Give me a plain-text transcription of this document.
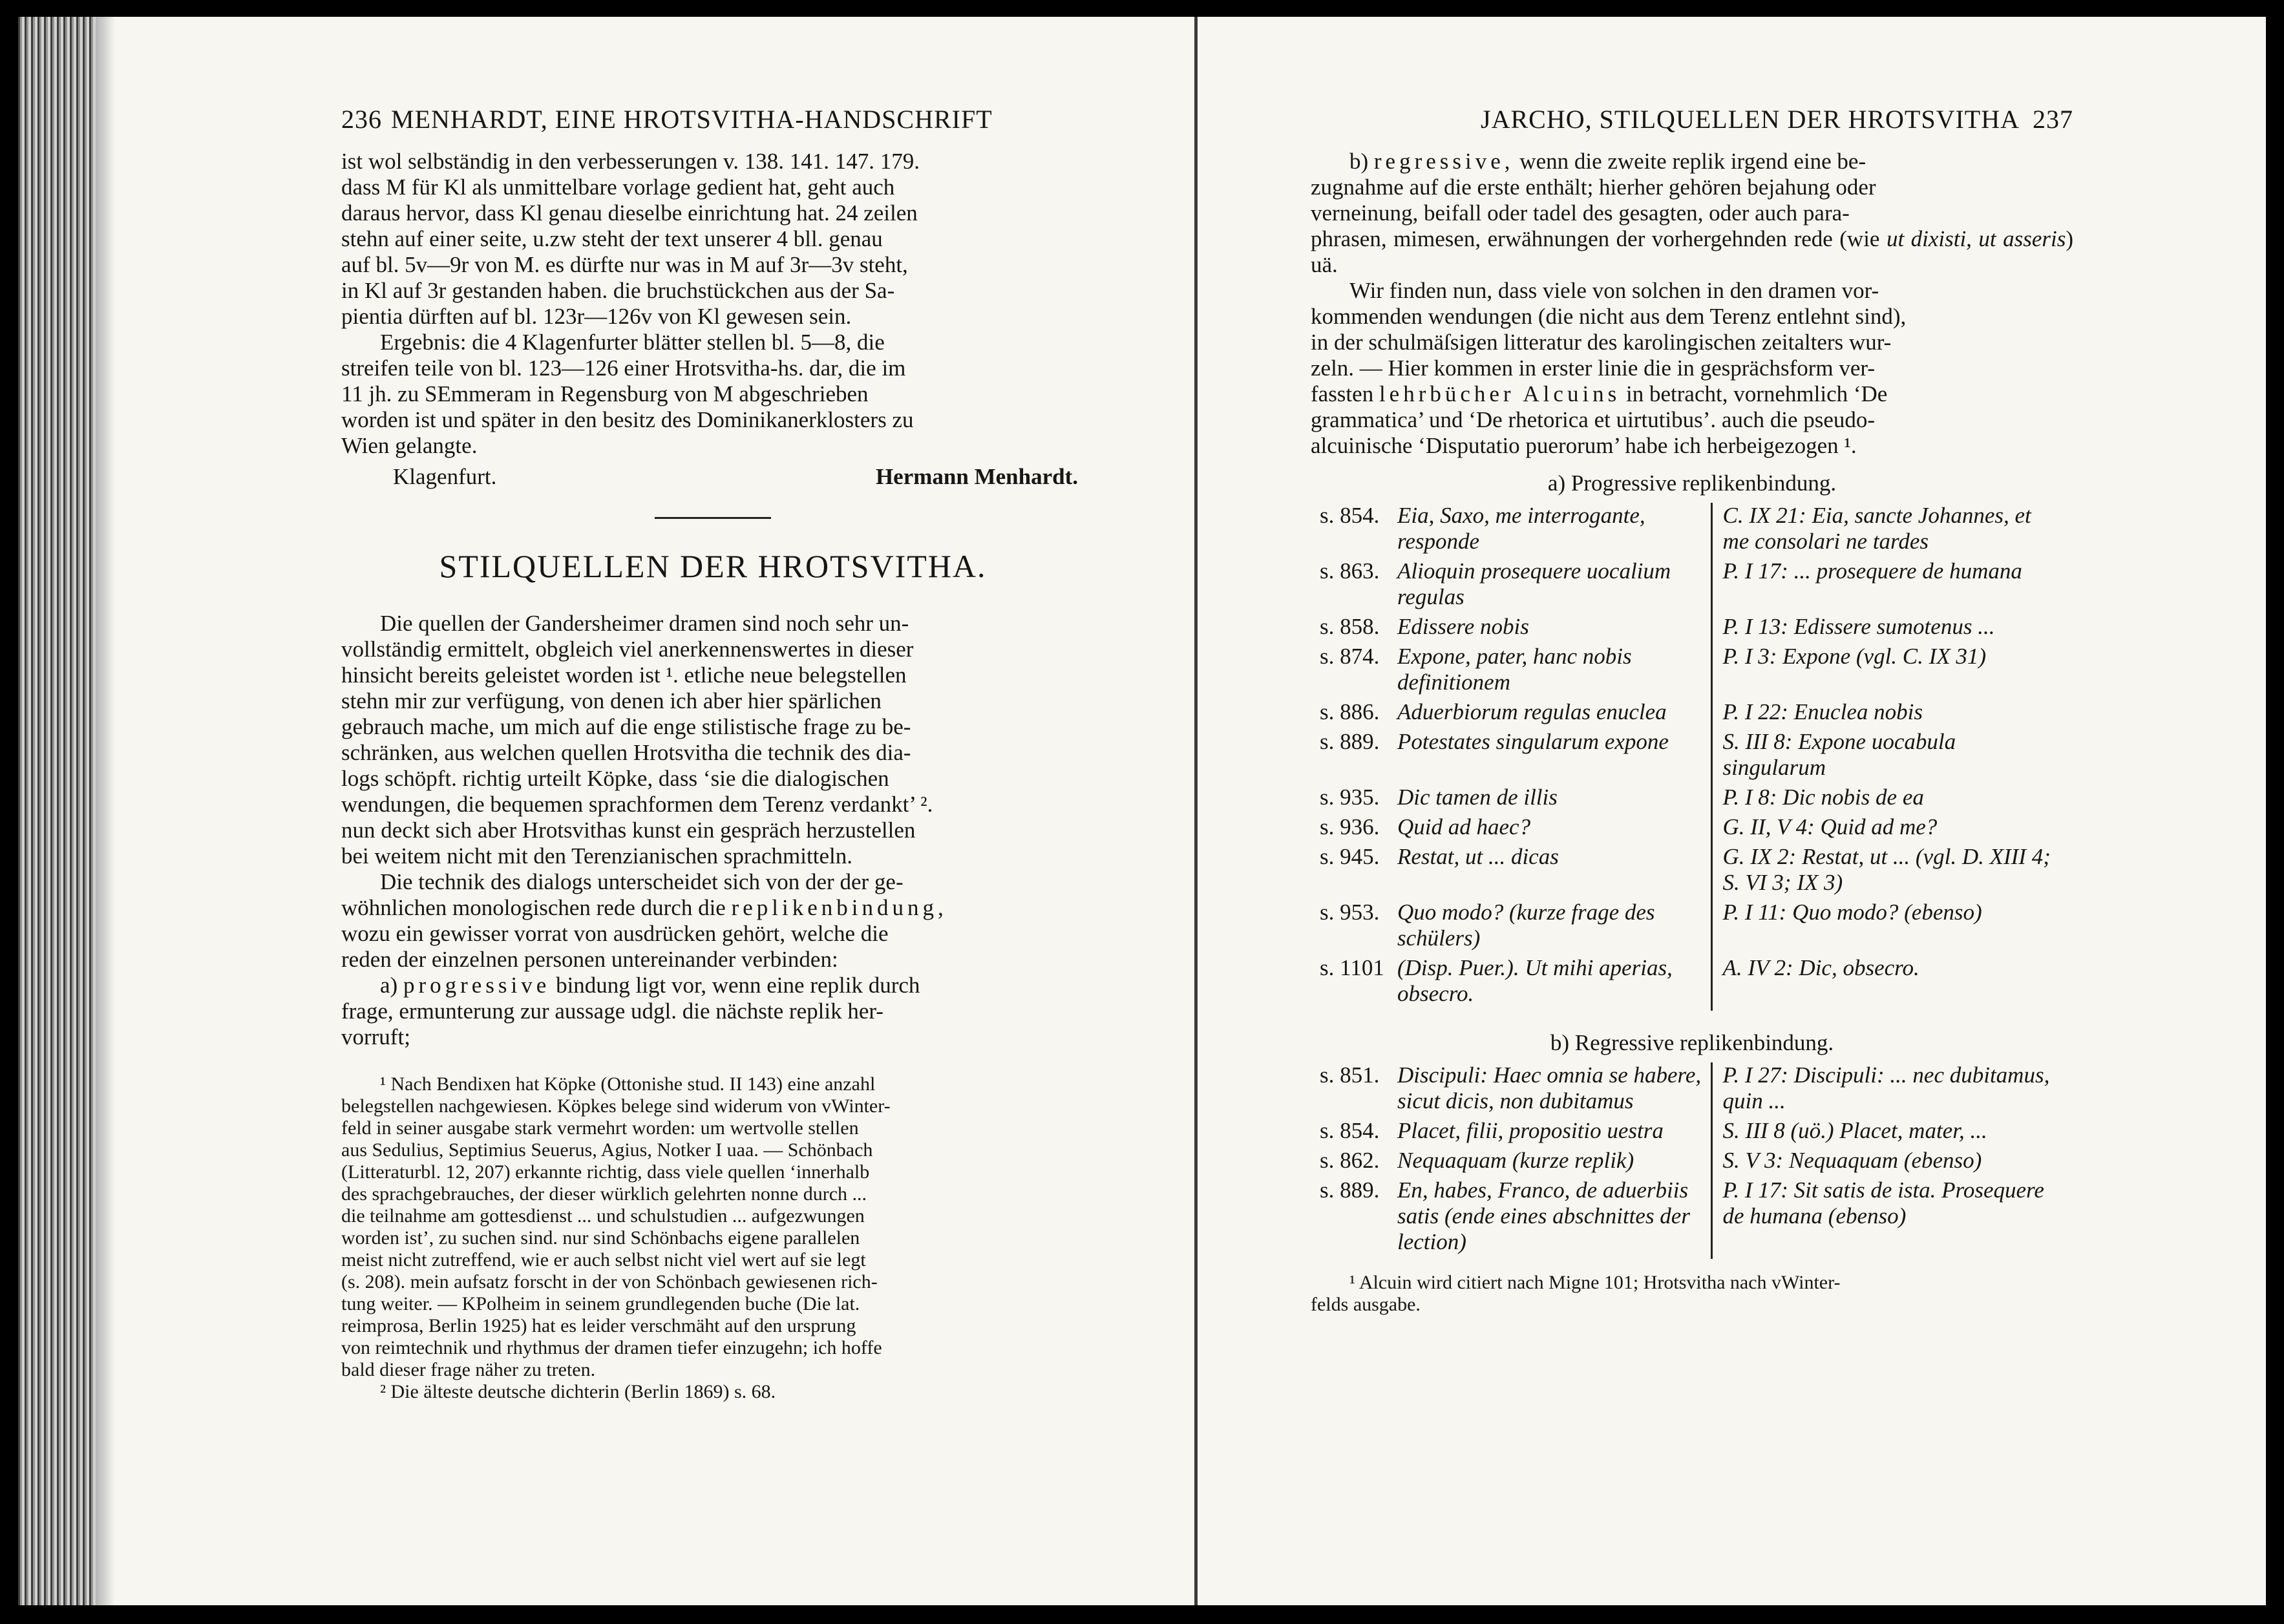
236 MENHARDT, EINE HROTSVITHA-HANDSCHRIFT

ist wol selbständig in den verbesserungen v. 138. 141. 147. 179.

dass M für Kl als unmittelbare vorlage gedient hat, geht auch

daraus hervor, dass Kl genau dieselbe einrichtung hat. 24 zeilen

stehn auf einer seite, u.zw steht der text unserer 4 bll. genau

auf bl. 5v—9r von M. es dürfte nur was in M auf 3r—3v steht,

in Kl auf 3r gestanden haben. die bruchstückchen aus der Sa-

pientia dürften auf bl. 123r—126v von Kl gewesen sein.

Ergebnis: die 4 Klagenfurter blätter stellen bl. 5—8, die

streifen teile von bl. 123—126 einer Hrotsvitha-hs. dar, die im

11 jh. zu SEmmeram in Regensburg von M abgeschrieben

worden ist und später in den besitz des Dominikanerklosters zu

Wien gelangte.

Klagenfurt.	Hermann Menhardt.
STILQUELLEN DER HROTSVITHA.

Die quellen der Gandersheimer dramen sind noch sehr un-

vollständig ermittelt, obgleich viel anerkennenswertes in dieser

hinsicht bereits geleistet worden ist ¹. etliche neue belegstellen

stehn mir zur verfügung, von denen ich aber hier spärlichen

gebrauch mache, um mich auf die enge stilistische frage zu be-

schränken, aus welchen quellen Hrotsvitha die technik des dia-

logs schöpft. richtig urteilt Köpke, dass ‘sie die dialogischen

wendungen, die bequemen sprachformen dem Terenz verdankt’ ².

nun deckt sich aber Hrotsvithas kunst ein gespräch herzustellen

bei weitem nicht mit den Terenzianischen sprachmitteln.

Die technik des dialogs unterscheidet sich von der der ge-

wöhnlichen monologischen rede durch die replikenbindung,

wozu ein gewisser vorrat von ausdrücken gehört, welche die

reden der einzelnen personen untereinander verbinden:

a) progressive bindung ligt vor, wenn eine replik durch

frage, ermunterung zur aussage udgl. die nächste replik her-

vorruft;

¹ Nach Bendixen hat Köpke (Ottonishe stud. II 143) eine anzahl

belegstellen nachgewiesen. Köpkes belege sind widerum von vWinter-
feld in seiner ausgabe stark vermehrt worden: um wertvolle stellen
aus Sedulius, Septimius Seuerus, Agius, Notker I uaa. — Schönbach
(Litteraturbl. 12, 207) erkannte richtig, dass viele quellen ‘innerhalb
des sprachgebrauches, der dieser würklich gelehrten nonne durch ...
die teilnahme am gottesdienst ... und schulstudien ... aufgezwungen
worden ist’, zu suchen sind. nur sind Schönbachs eigene parallelen
meist nicht zutreffend, wie er auch selbst nicht viel wert auf sie legt
(s. 208). mein aufsatz forscht in der von Schönbach gewiesenen rich-
tung weiter. — KPolheim in seinem grundlegenden buche (Die lat.
reimprosa, Berlin 1925) hat es leider verschmäht auf den ursprung
von reimtechnik und rhythmus der dramen tiefer einzugehn; ich hoffe
bald dieser frage näher zu treten.

² Die älteste deutsche dichterin (Berlin 1869) s. 68.

JARCHO, STILQUELLEN DER HROTSVITHA 237

b) regressive, wenn die zweite replik irgend eine be-

zugnahme auf die erste enthält; hierher gehören bejahung oder

verneinung, beifall oder tadel des gesagten, oder auch para-

phrasen, mimesen, erwähnungen der vorhergehnden rede (wie ut dixisti, ut asseris) uä.

Wir finden nun, dass viele von solchen in den dramen vor-

kommenden wendungen (die nicht aus dem Terenz entlehnt sind),

in der schulmäſsigen litteratur des karolingischen zeitalters wur-

zeln. — Hier kommen in erster linie die in gesprächsform ver-

fassten lehrbücher Alcuins in betracht, vornehmlich ‘De

grammatica’ und ‘De rhetorica et uirtutibus’. auch die pseudo-

alcuinische ‘Disputatio puerorum’ habe ich herbeigezogen ¹.

a) Progressive replikenbindung.
s. 854.	Eia, Saxo, me interrogante, responde	C. IX 21: Eia, sancte Johannes, et me consolari ne tardes
s. 863.	Alioquin prosequere uocalium regulas	P. I 17: ... prosequere de humana
s. 858.	Edissere nobis	P. I 13: Edissere sumotenus ...
s. 874.	Expone, pater, hanc nobis definitionem	P. I 3: Expone (vgl. C. IX 31)
s. 886.	Aduerbiorum regulas enuclea	P. I 22: Enuclea nobis
s. 889.	Potestates singularum expone	S. III 8: Expone uocabula singularum
s. 935.	Dic tamen de illis	P. I 8: Dic nobis de ea
s. 936.	Quid ad haec?	G. II, V 4: Quid ad me?
s. 945.	Restat, ut ... dicas	G. IX 2: Restat, ut ... (vgl. D. XIII 4; S. VI 3; IX 3)
s. 953.	Quo modo? (kurze frage des schülers)	P. I 11: Quo modo? (ebenso)
s. 1101	(Disp. Puer.). Ut mihi aperias, obsecro.	A. IV 2: Dic, obsecro.
b) Regressive replikenbindung.
s. 851.	Discipuli: Haec omnia se habere, sicut dicis, non dubitamus	P. I 27: Discipuli: ... nec dubitamus, quin ...
s. 854.	Placet, filii, propositio uestra	S. III 8 (uö.) Placet, mater, ...
s. 862.	Nequaquam (kurze replik)	S. V 3: Nequaquam (ebenso)
s. 889.	En, habes, Franco, de aduerbiis satis (ende eines abschnittes der lection)	P. I 17: Sit satis de ista. Prosequere de humana (ebenso)

¹ Alcuin wird citiert nach Migne 101; Hrotsvitha nach vWinter-

felds ausgabe.
